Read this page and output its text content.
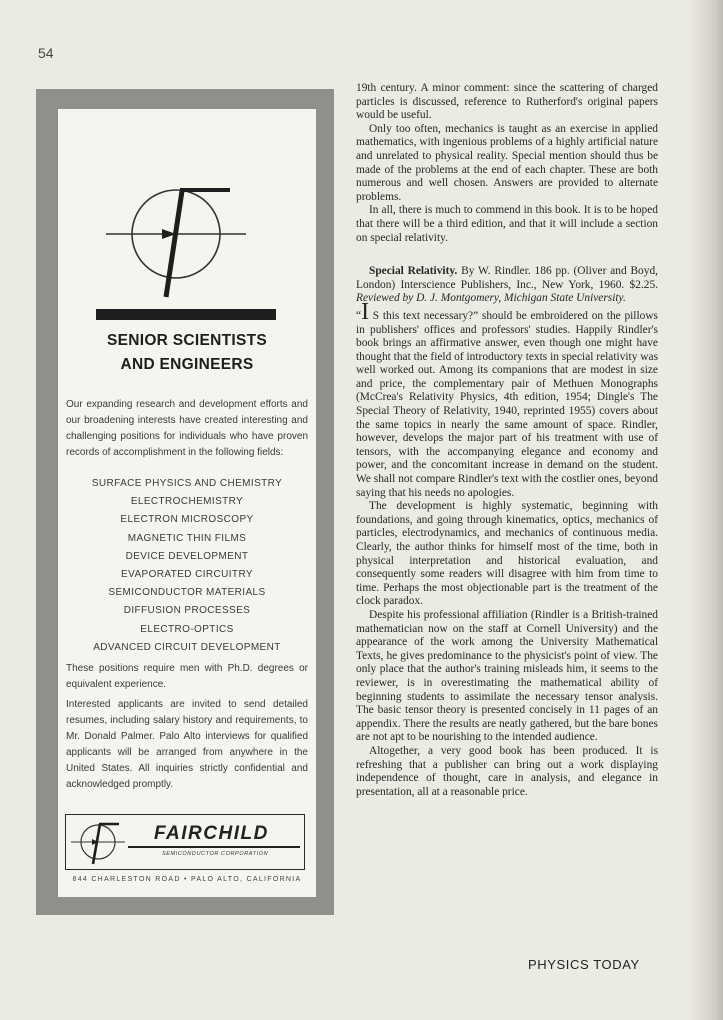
54
SENIOR SCIENTISTS
AND ENGINEERS
Our expanding research and development efforts and our broadening interests have created interesting and challenging positions for individuals who have proven records of accomplishment in the following fields:
SURFACE PHYSICS AND CHEMISTRY
ELECTROCHEMISTRY
ELECTRON MICROSCOPY
MAGNETIC THIN FILMS
DEVICE DEVELOPMENT
EVAPORATED CIRCUITRY
SEMICONDUCTOR MATERIALS
DIFFUSION PROCESSES
ELECTRO-OPTICS
ADVANCED CIRCUIT DEVELOPMENT
These positions require men with Ph.D. degrees or equivalent experience.
Interested applicants are invited to send detailed resumes, including salary history and requirements, to Mr. Donald Palmer. Palo Alto interviews for qualified applicants will be arranged from anywhere in the United States. All inquiries strictly confidential and acknowledged promptly.
FAIRCHILD
SEMICONDUCTOR CORPORATION
844 CHARLESTON ROAD • PALO ALTO, CALIFORNIA

19th century. A minor comment: since the scattering of charged particles is discussed, reference to Rutherford's original papers would be useful.

Only too often, mechanics is taught as an exercise in applied mathematics, with ingenious problems of a highly artificial nature and unrelated to physical reality. Special mention should thus be made of the problems at the end of each chapter. These are both numerous and well chosen. Answers are provided to alternate problems.

In all, there is much to commend in this book. It is to be hoped that there will be a third edition, and that it will include a section on special relativity.

Special Relativity. By W. Rindler. 186 pp. (Oliver and Boyd, London) Interscience Publishers, Inc., New York, 1960. $2.25. Reviewed by D. J. Montgomery, Michigan State University.

“I S this text necessary?” should be embroidered on the pillows in publishers' offices and professors' studies. Happily Rindler's book brings an affirmative answer, even though one might have thought that the field of introductory texts in special relativity was well worked out. Among its companions that are modest in size and price, the complementary pair of Methuen Monographs (McCrea's Relativity Physics, 4th edition, 1954; Dingle's The Special Theory of Relativity, 1940, reprinted 1955) covers about the same topics in nearly the same amount of space. Rindler, however, develops the major part of his treatment with use of tensors, with the accompanying elegance and economy and power, and the concomitant increase in demand on the student. We shall not compare Rindler's text with the costlier ones, beyond saying that his needs no apologies.

The development is highly systematic, beginning with foundations, and going through kinematics, optics, mechanics of particles, electrodynamics, and mechanics of continuous media. Clearly, the author thinks for himself most of the time, both in physical interpretation and historical evaluation, and consequently some readers will disagree with him from time to time. Perhaps the most objectionable part is the treatment of the clock paradox.

Despite his professional affiliation (Rindler is a British-trained mathematician now on the staff at Cornell University) and the appearance of the work among the University Mathematical Texts, he gives predominance to the physicist's point of view. The only place that the author's training misleads him, it seems to the reviewer, is in overestimating the mathematical ability of beginning students to assimilate the necessary tensor analysis. The basic tensor theory is presented concisely in 11 pages of an appendix. There the results are neatly gathered, but the bare bones are not apt to be nourishing to the intended audience.

Altogether, a very good book has been produced. It is refreshing that a publisher can bring out a work displaying independence of thought, care in analysis, and elegance in presentation, all at a reasonable price.

PHYSICS TODAY
